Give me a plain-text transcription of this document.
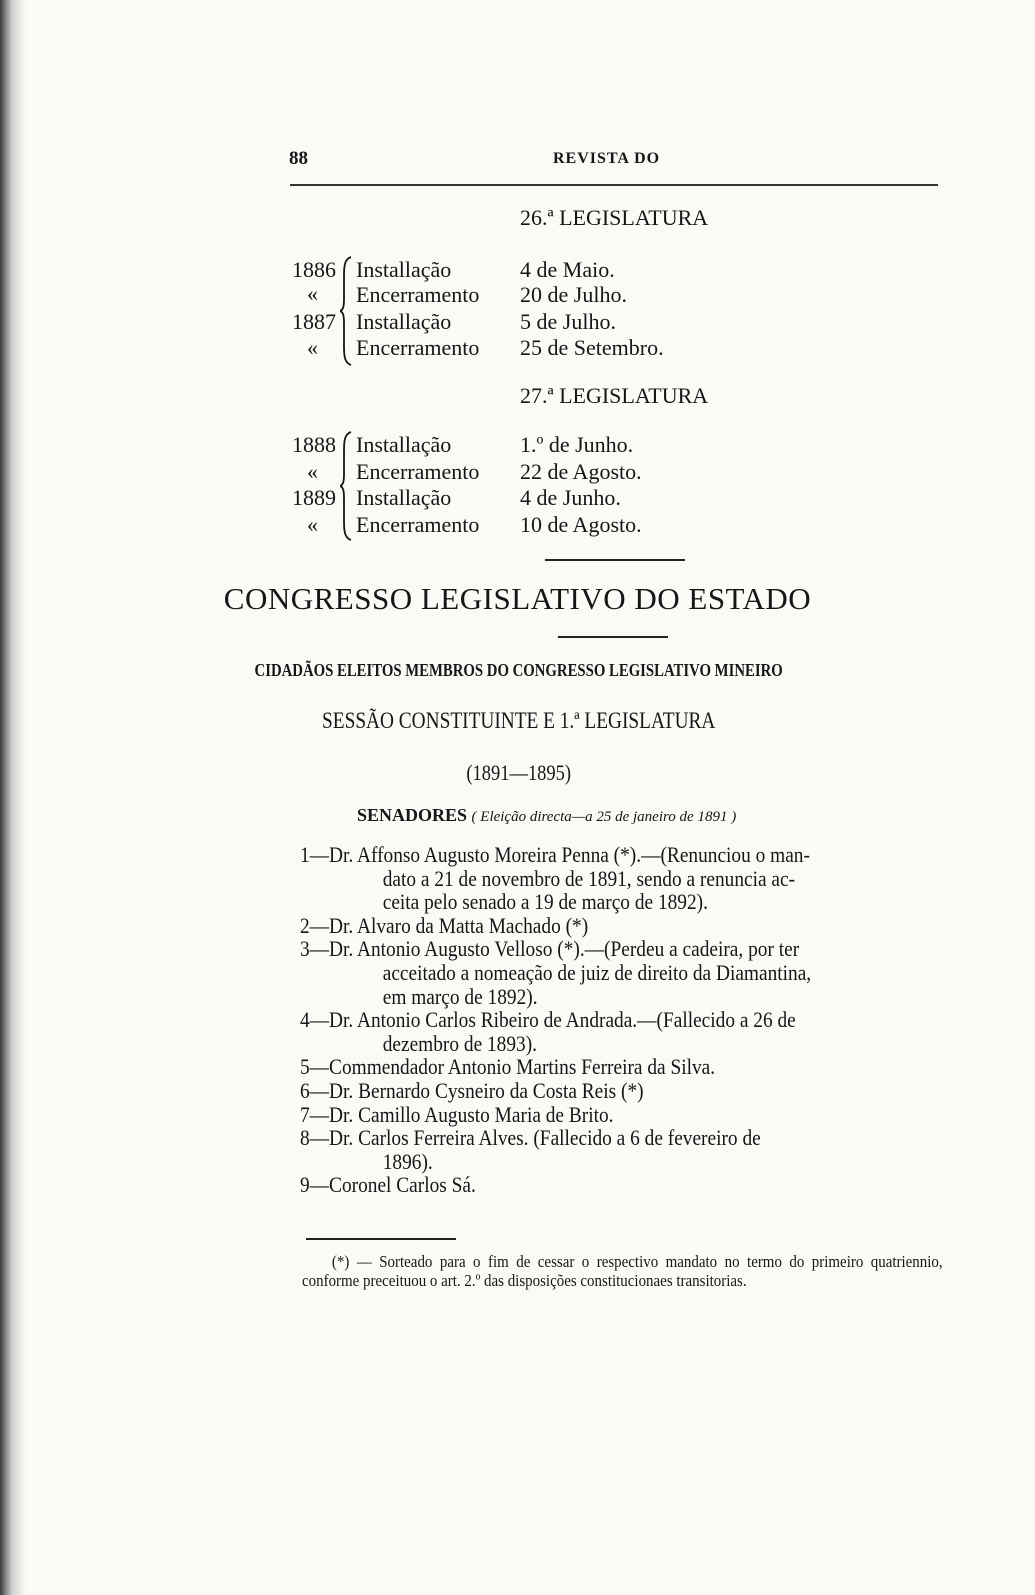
88	REVISTA DO
26.ª LEGISLATURA
1886
«
1887
«
Installação
Encerramento
Installação
Encerramento
4 de Maio.
20 de Julho.
5 de Julho.
25 de Setembro.
27.ª LEGISLATURA
1888
«
1889
«
Installação
Encerramento
Installação
Encerramento
1.º de Junho.
22 de Agosto.
4 de Junho.
10 de Agosto.
CONGRESSO LEGISLATIVO DO ESTADO
CIDADÃOS ELEITOS MEMBROS DO CONGRESSO LEGISLATIVO MINEIRO
SESSÃO CONSTITUINTE E 1.ª LEGISLATURA
(1891—1895)
SENADORES ( Eleição directa—a 25 de janeiro de 1891 )
1—Dr. Affonso Augusto Moreira Penna (*).—(Renunciou o man-
dato a 21 de novembro de 1891, sendo a renuncia ac-
ceita pelo senado a 19 de março de 1892).
2—Dr. Alvaro da Matta Machado (*)
3—Dr. Antonio Augusto Velloso (*).—(Perdeu a cadeira, por ter
acceitado a nomeação de juiz de direito da Diamantina,
em março de 1892).
4—Dr. Antonio Carlos Ribeiro de Andrada.—(Fallecido a 26 de
dezembro de 1893).
5—Commendador Antonio Martins Ferreira da Silva.
6—Dr. Bernardo Cysneiro da Costa Reis (*)
7—Dr. Camillo Augusto Maria de Brito.
8—Dr. Carlos Ferreira Alves. (Fallecido a 6 de fevereiro de
1896).
9—Coronel Carlos Sá.
(*) — Sorteado para o fim de cessar o respectivo mandato no termo do primeiro quatriennio, conforme preceituou o art. 2.º das disposições constitucionaes transitorias.
